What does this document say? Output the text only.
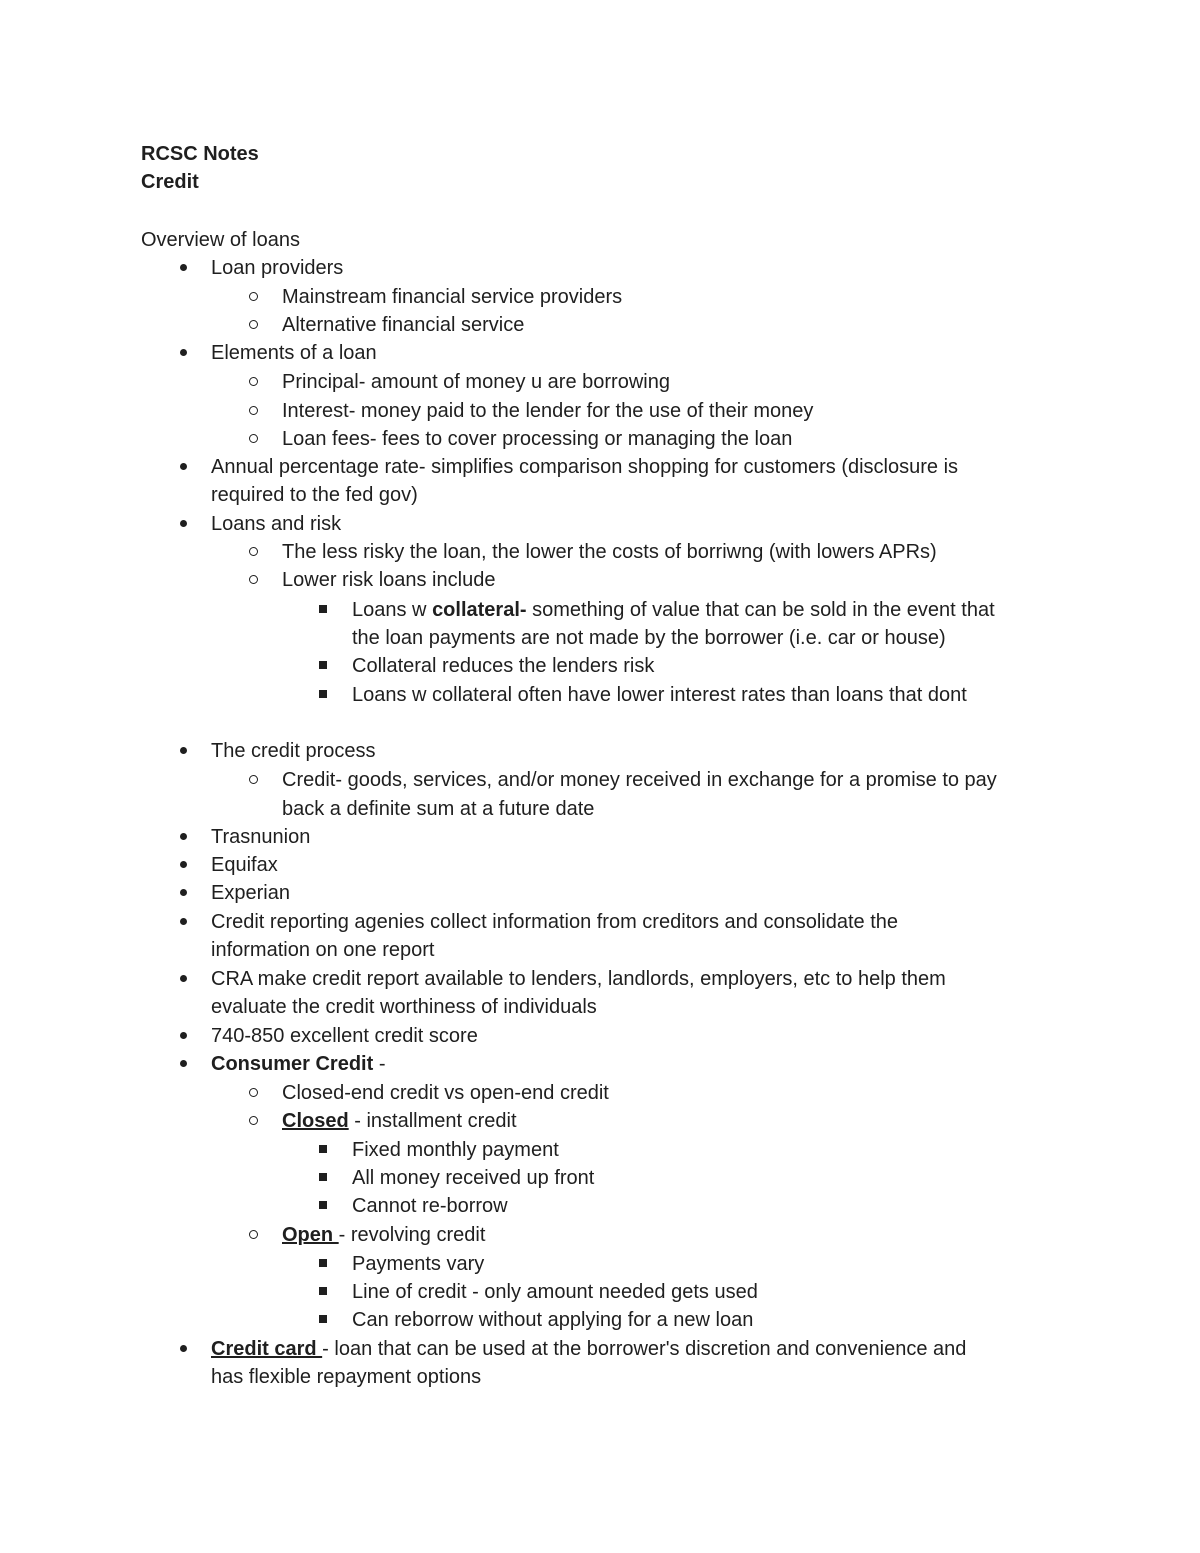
RCSC Notes
Credit
Overview of loans
Loan providers
Mainstream financial service providers
Alternative financial service
Elements of a loan
Principal- amount of money u are borrowing
Interest- money paid to the lender for the use of their money
Loan fees- fees to cover processing or managing the loan
Annual percentage rate- simplifies comparison shopping for customers (disclosure is
required to the fed gov)
Loans and risk
The less risky the loan, the lower the costs of borriwng (with lowers APRs)
Lower risk loans include
Loans w collateral- something of value that can be sold in the event that
the loan payments are not made by the borrower (i.e. car or house)
Collateral reduces the lenders risk
Loans w collateral often have lower interest rates than loans that dont
The credit process
Credit- goods, services, and/or money received in exchange for a promise to pay
back a definite sum at a future date
Trasnunion
Equifax
Experian
Credit reporting agenies collect information from creditors and consolidate the
information on one report
CRA make credit report available to lenders, landlords, employers, etc to help them
evaluate the credit worthiness of individuals
740-850 excellent credit score
Consumer Credit -
Closed-end credit vs open-end credit
Closed - installment credit
Fixed monthly payment
All money received up front
Cannot re-borrow
Open - revolving credit
Payments vary
Line of credit - only amount needed gets used
Can reborrow without applying for a new loan
Credit card - loan that can be used at the borrower's discretion and convenience and
has flexible repayment options
